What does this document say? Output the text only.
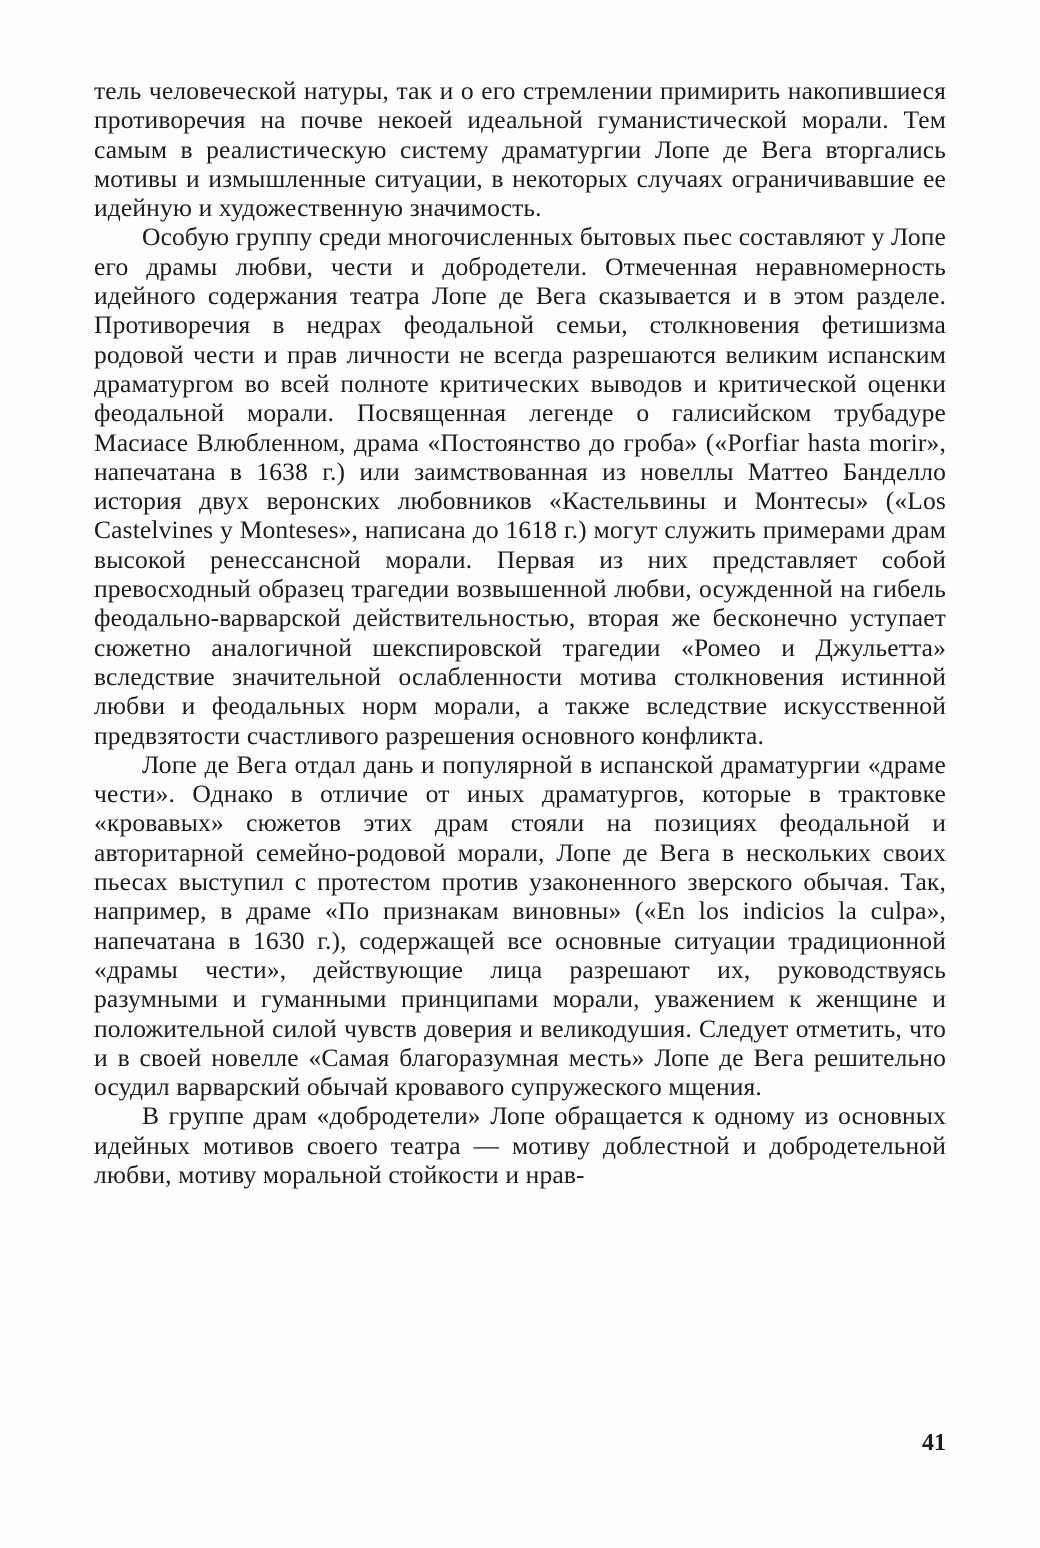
тель человеческой натуры, так и о его стремлении примирить накопившиеся противоречия на почве некоей идеальной гуманистической морали. Тем самым в реалистическую систему драматургии Лопе де Вега вторгались мотивы и измышленные ситуации, в некоторых случаях ограничивавшие ее идейную и художественную значимость.

Особую группу среди многочисленных бытовых пьес составляют у Лопе его драмы любви, чести и добродетели. Отмеченная неравномерность идейного содержания театра Лопе де Вега сказывается и в этом разделе. Противоречия в недрах феодальной семьи, столкновения фетишизма родовой чести и прав личности не всегда разрешаются великим испанским драматургом во всей полноте критических выводов и критической оценки феодальной морали. Посвященная легенде о галисийском трубадуре Масиасе Влюбленном, драма «Постоянство до гроба» («Porfiar hasta morir», напечатана в 1638 г.) или заимствованная из новеллы Маттео Банделло история двух веронских любовников «Кастельвины и Монтесы» («Los Castelvines y Monteses», написана до 1618 г.) могут служить примерами драм высокой ренессансной морали. Первая из них представляет собой превосходный образец трагедии возвышенной любви, осужденной на гибель феодально-варварской действительностью, вторая же бесконечно уступает сюжетно аналогичной шекспировской трагедии «Ромео и Джульетта» вследствие значительной ослабленности мотива столкновения истинной любви и феодальных норм морали, а также вследствие искусственной предвзятости счастливого разрешения основного конфликта.

Лопе де Вега отдал дань и популярной в испанской драматургии «драме чести». Однако в отличие от иных драматургов, которые в трактовке «кровавых» сюжетов этих драм стояли на позициях феодальной и авторитарной семейно-родовой морали, Лопе де Вега в нескольких своих пьесах выступил с протестом против узаконенного зверского обычая. Так, например, в драме «По признакам виновны» («En los indicios la culpa», напечатана в 1630 г.), содержащей все основные ситуации традиционной «драмы чести», действующие лица разрешают их, руководствуясь разумными и гуманными принципами морали, уважением к женщине и положительной силой чувств доверия и великодушия. Следует отметить, что и в своей новелле «Самая благоразумная месть» Лопе де Вега решительно осудил варварский обычай кровавого супружеского мщения.

В группе драм «добродетели» Лопе обращается к одному из основных идейных мотивов своего театра — мотиву доблестной и добродетельной любви, мотиву моральной стойкости и нрав-

41
